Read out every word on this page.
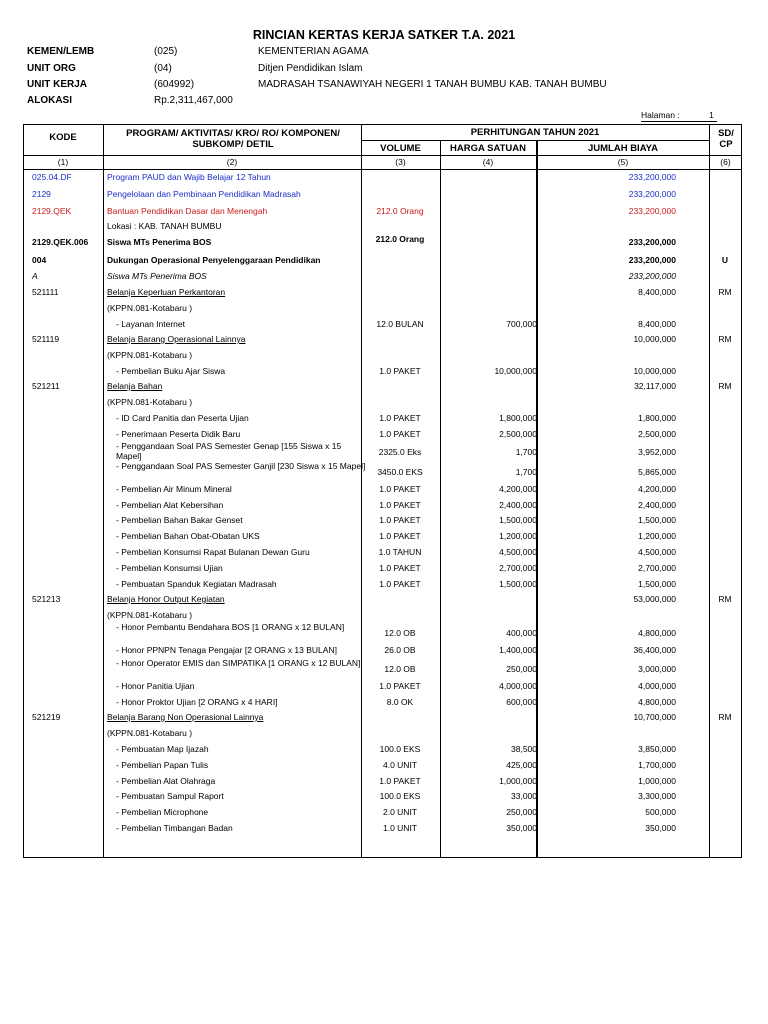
RINCIAN KERTAS KERJA SATKER T.A. 2021
KEMEN/LEMB	(025)	KEMENTERIAN AGAMA
UNIT ORG	(04)	Ditjen Pendidikan Islam
UNIT KERJA	(604992)	MADRASAH TSANAWIYAH NEGERI 1 TANAH BUMBU KAB. TANAH BUMBU
ALOKASI	Rp.2,311,467,000
Halaman :	1
KODE	PROGRAM/ AKTIVITAS/ KRO/ RO/ KOMPONEN/ SUBKOMP/ DETIL
PERHITUNGAN TAHUN 2021
VOLUME	HARGA SATUAN	JUMLAH BIAYA
SD/ CP
(1)	(2)	(3)	(4)	(5)	(6)
025.04.DF	Program PAUD dan Wajib Belajar 12 Tahun	233,200,000
2129	Pengelolaan dan Pembinaan Pendidikan Madrasah	233,200,000
2129.QEK	Bantuan Pendidikan Dasar dan Menengah	212.0 Orang	233,200,000
Lokasi : KAB. TANAH BUMBU
2129.QEK.006 Siswa MTs Penerima BOS	212.0 Orang	233,200,000
004	Dukungan Operasional Penyelenggaraan Pendidikan	233,200,000	U
A	Siswa MTs Penerima BOS	233,200,000
521111	Belanja Keperluan Perkantoran	8,400,000	RM
(KPPN.081-Kotabaru )
- Layanan Internet	12.0 BULAN	700,000	8,400,000
521119	Belanja Barang Operasional Lainnya	10,000,000	RM
(KPPN.081-Kotabaru )
- Pembelian Buku Ajar Siswa	1.0 PAKET	10,000,000	10,000,000
521211	Belanja Bahan	32,117,000	RM
(KPPN.081-Kotabaru )
- ID Card Panitia dan Peserta Ujian	1.0 PAKET	1,800,000	1,800,000
- Penerimaan Peserta Didik Baru	1.0 PAKET	2,500,000	2,500,000
- Penggandaan Soal PAS Semester Genap [155 Siswa x 15 Mapel]	2325.0 Eks	1,700	3,952,000
- Penggandaan Soal PAS Semester Ganjil [230 Siswa x 15 Mapel]
3450.0 EKS	1,700	5,865,000
- Pembelian Air Minum Mineral	1.0 PAKET	4,200,000	4,200,000
- Pembelian Alat Kebersihan	1.0 PAKET	2,400,000	2,400,000
- Pembelian Bahan Bakar Genset	1.0 PAKET	1,500,000	1,500,000
- Pembelian Bahan Obat-Obatan UKS	1.0 PAKET	1,200,000	1,200,000
- Pembelian Konsumsi Rapat Bulanan Dewan Guru	1.0 TAHUN	4,500,000	4,500,000
- Pembelian Konsumsi Ujian	1.0 PAKET	2,700,000	2,700,000
- Pembuatan Spanduk Kegiatan Madrasah	1.0 PAKET	1,500,000	1,500,000
521213	Belanja Honor Output Kegiatan	53,000,000	RM
(KPPN.081-Kotabaru )
- Honor Pembantu Bendahara BOS [1 ORANG x 12 BULAN]
12.0 OB	400,000	4,800,000
- Honor PPNPN Tenaga Pengajar [2 ORANG x 13 BULAN]	26.0 OB	1,400,000	36,400,000
- Honor Operator EMIS dan SIMPATIKA [1 ORANG x 12 BULAN]
12.0 OB	250,000	3,000,000
- Honor Panitia Ujian	1.0 PAKET	4,000,000	4,000,000
- Honor Proktor Ujian [2 ORANG x 4 HARI]	8.0 OK	600,000	4,800,000
521219	Belanja Barang Non Operasional Lainnya	10,700,000	RM
(KPPN.081-Kotabaru )
- Pembuatan Map Ijazah	100.0 EKS	38,500	3,850,000
- Pembelian Papan Tulis	4.0 UNIT	425,000	1,700,000
- Pembelian Alat Olahraga	1.0 PAKET	1,000,000	1,000,000
- Pembuatan Sampul Raport	100.0 EKS	33,000	3,300,000
- Pembelian Microphone	2.0 UNIT	250,000	500,000
- Pembelian Timbangan Badan	1.0 UNIT	350,000	350,000
